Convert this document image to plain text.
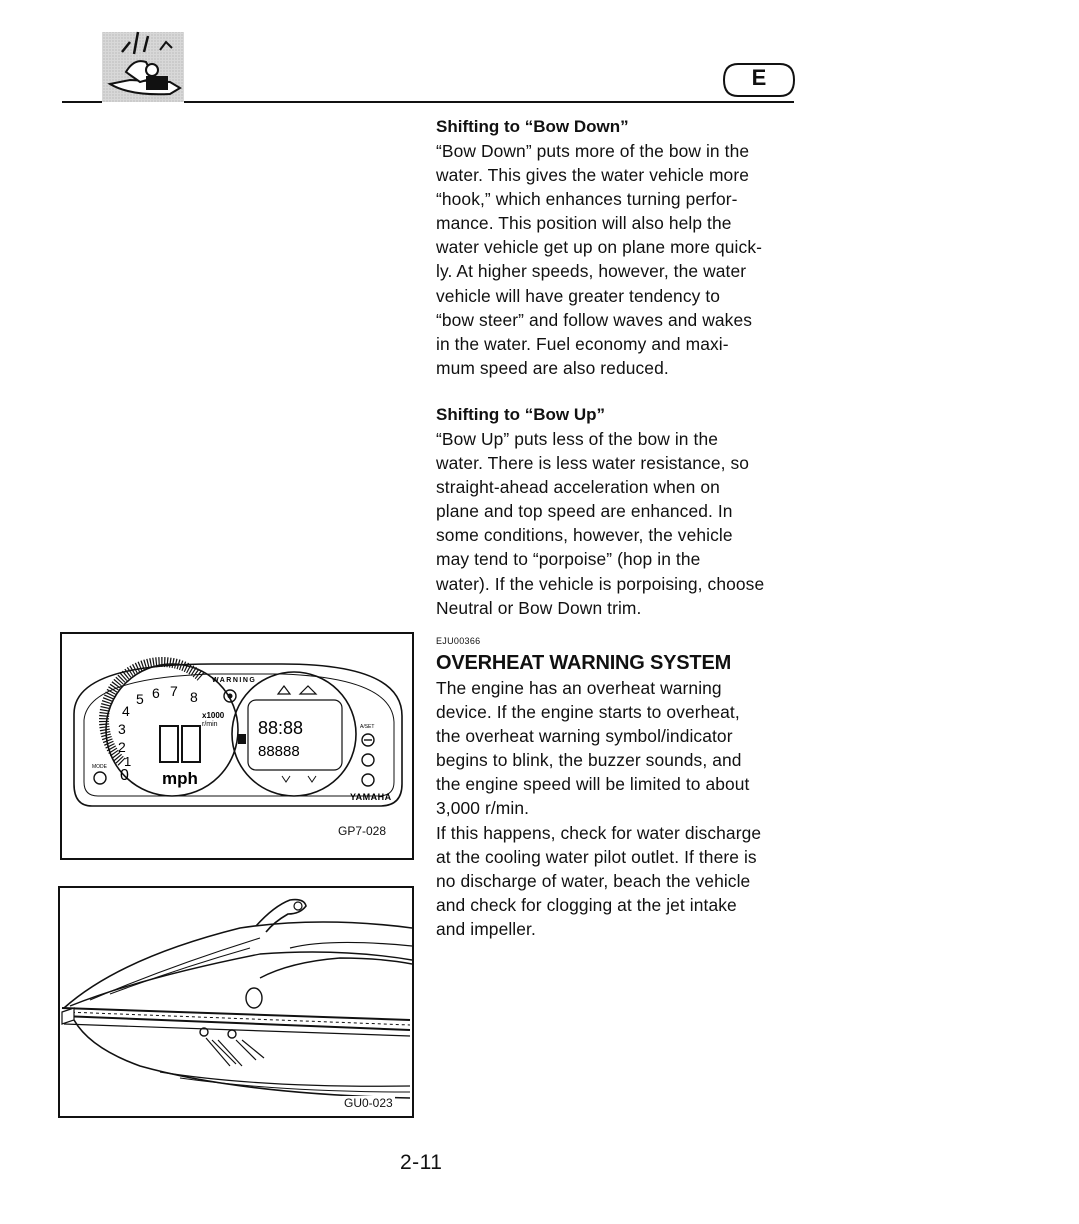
E
Shifting to “Bow Down”
“Bow Down” puts more of the bow in the
water. This gives the water vehicle more
“hook,” which enhances turning perfor-
mance. This position will also help the
water vehicle get up on plane more quick-
ly. At higher speeds, however, the water
vehicle will have greater tendency to
“bow steer” and follow waves and wakes
in the water. Fuel economy and maxi-
mum speed are also reduced.
Shifting to “Bow Up”
“Bow Up” puts less of the bow in the
water. There is less water resistance, so
straight-ahead acceleration when on
plane and top speed are enhanced. In
some conditions, however, the vehicle
may tend to “porpoise” (hop in the
water). If the vehicle is porpoising, choose
Neutral or Bow Down trim.
EJU00366
OVERHEAT WARNING SYSTEM
The engine has an overheat warning
device. If the engine starts to overheat,
the overheat warning symbol/indicator
begins to blink, the buzzer sounds, and
the engine speed will be limited to about
3,000 r/min.
If this happens, check for water discharge
at the cooling water pilot outlet. If there is
no discharge of water, beach the vehicle
and check for clogging at the jet intake
and impeller.
0
1
2
3
4
5 6 7 8
x1000
r/min
mph
MODE
WARNING
88:88
88888
A/SET
YAMAHA
GP7-028
GU0-023
2-11
